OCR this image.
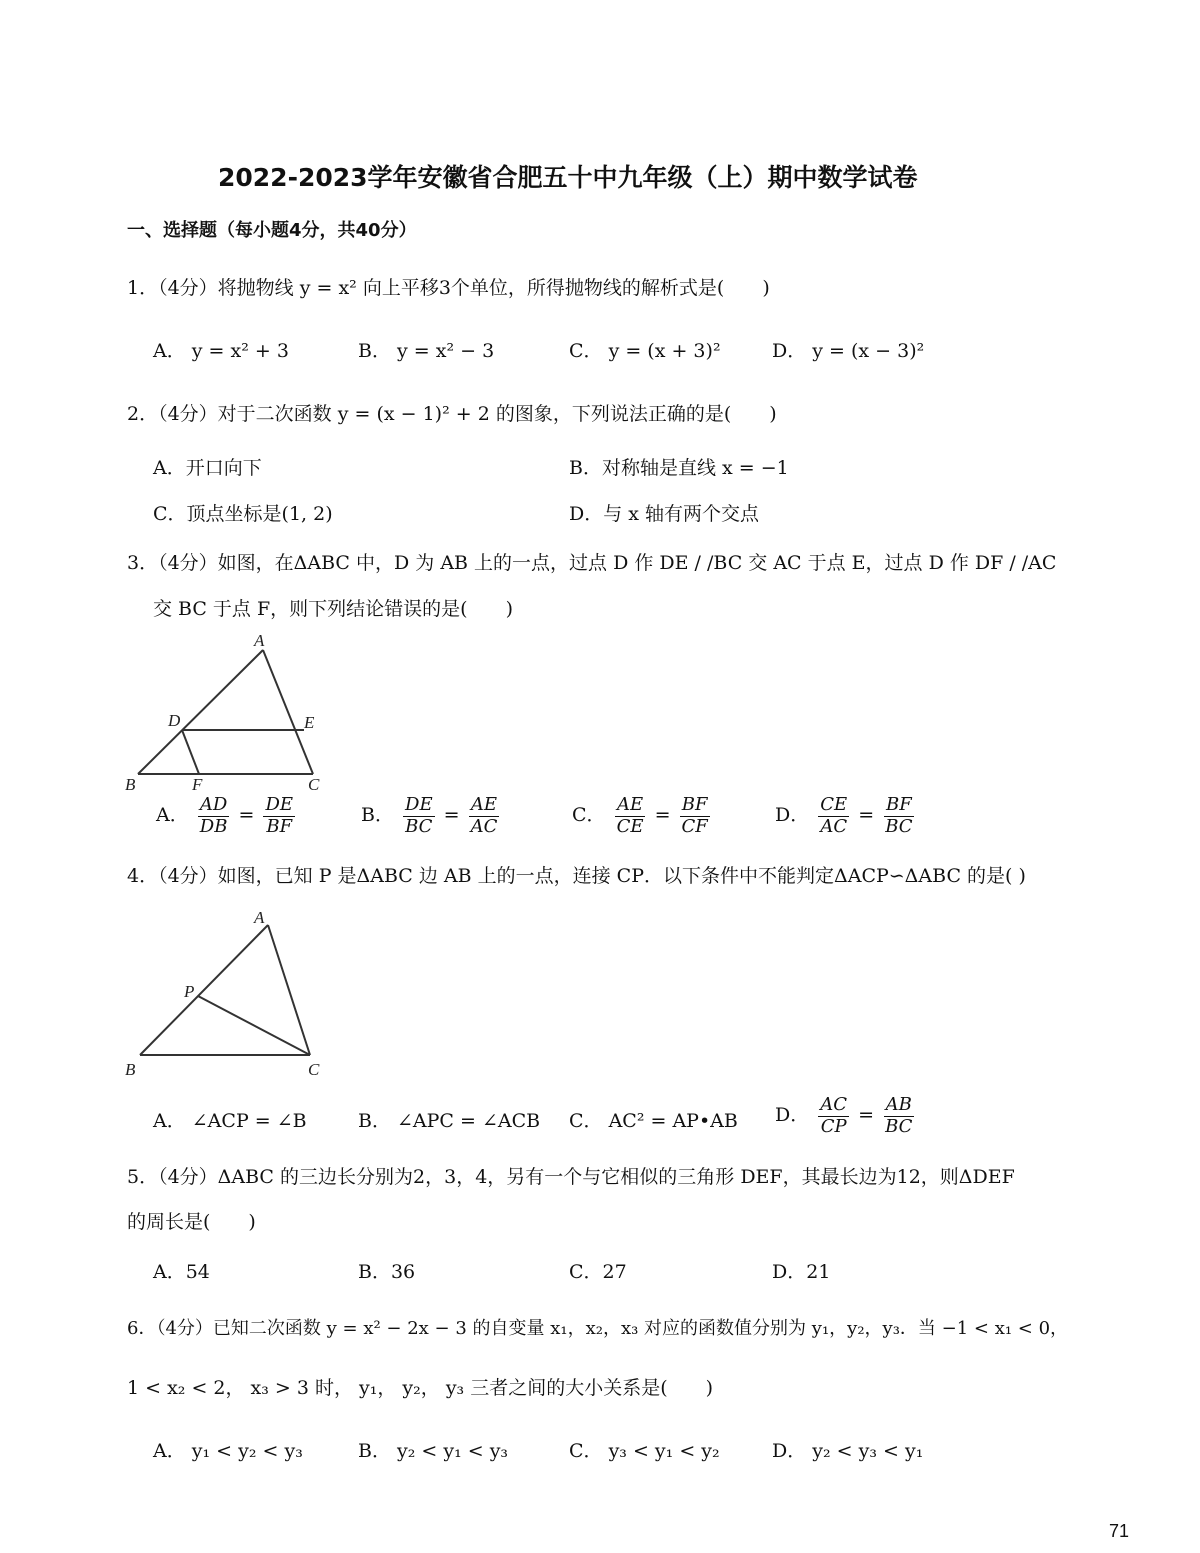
2022-2023学年安徽省合肥五十中九年级（上）期中数学试卷
一、选择题（每小题4分，共40分）
1．（4分）将抛物线 y = x² 向上平移3个单位，所得抛物线的解析式是(　　)
A． y = x² + 3	B． y = x² − 3	C． y = (x + 3)²	D． y = (x − 3)²
2．（4分）对于二次函数 y = (x − 1)² + 2 的图象，下列说法正确的是(　　)
A．开口向下	B．对称轴是直线 x = −1
C．顶点坐标是(1, 2)	D．与 x 轴有两个交点
3．（4分）如图，在ΔABC 中，D 为 AB 上的一点，过点 D 作 DE / /BC 交 AC 于点 E，过点 D 作 DF / /AC
交 BC 于点 F，则下列结论错误的是(　　)
A
D	E
B	F	C
A． $\frac{AD}{DB} = \frac{DE}{BF}$	B． $\frac{DE}{BC} = \frac{AE}{AC}$	C． $\frac{AE}{CE} = \frac{BF}{CF}$	D． $\frac{CE}{AC} = \frac{BF}{BC}$
4．（4分）如图，已知 P 是ΔABC 边 AB 上的一点，连接 CP．以下条件中不能判定ΔACP∽ΔABC 的是( )
A
P
B	C
A． ∠ACP = ∠B	B． ∠APC = ∠ACB C． AC² = AP•AB D． $\frac{AC}{CP} = \frac{AB}{BC}$
5．（4分）ΔABC 的三边长分别为2，3，4，另有一个与它相似的三角形 DEF，其最长边为12，则ΔDEF
的周长是(　　)
A．54	B．36	C．27	D．21
6．（4分）已知二次函数 y = x² − 2x − 3 的自变量 x₁，x₂，x₃ 对应的函数值分别为 y₁，y₂，y₃．当 −1 < x₁ < 0，
1 < x₂ < 2， x₃ > 3 时， y₁， y₂， y₃ 三者之间的大小关系是(　　)
A． y₁ < y₂ < y₃	B． y₂ < y₁ < y₃	C． y₃ < y₁ < y₂	D． y₂ < y₃ < y₁
71
